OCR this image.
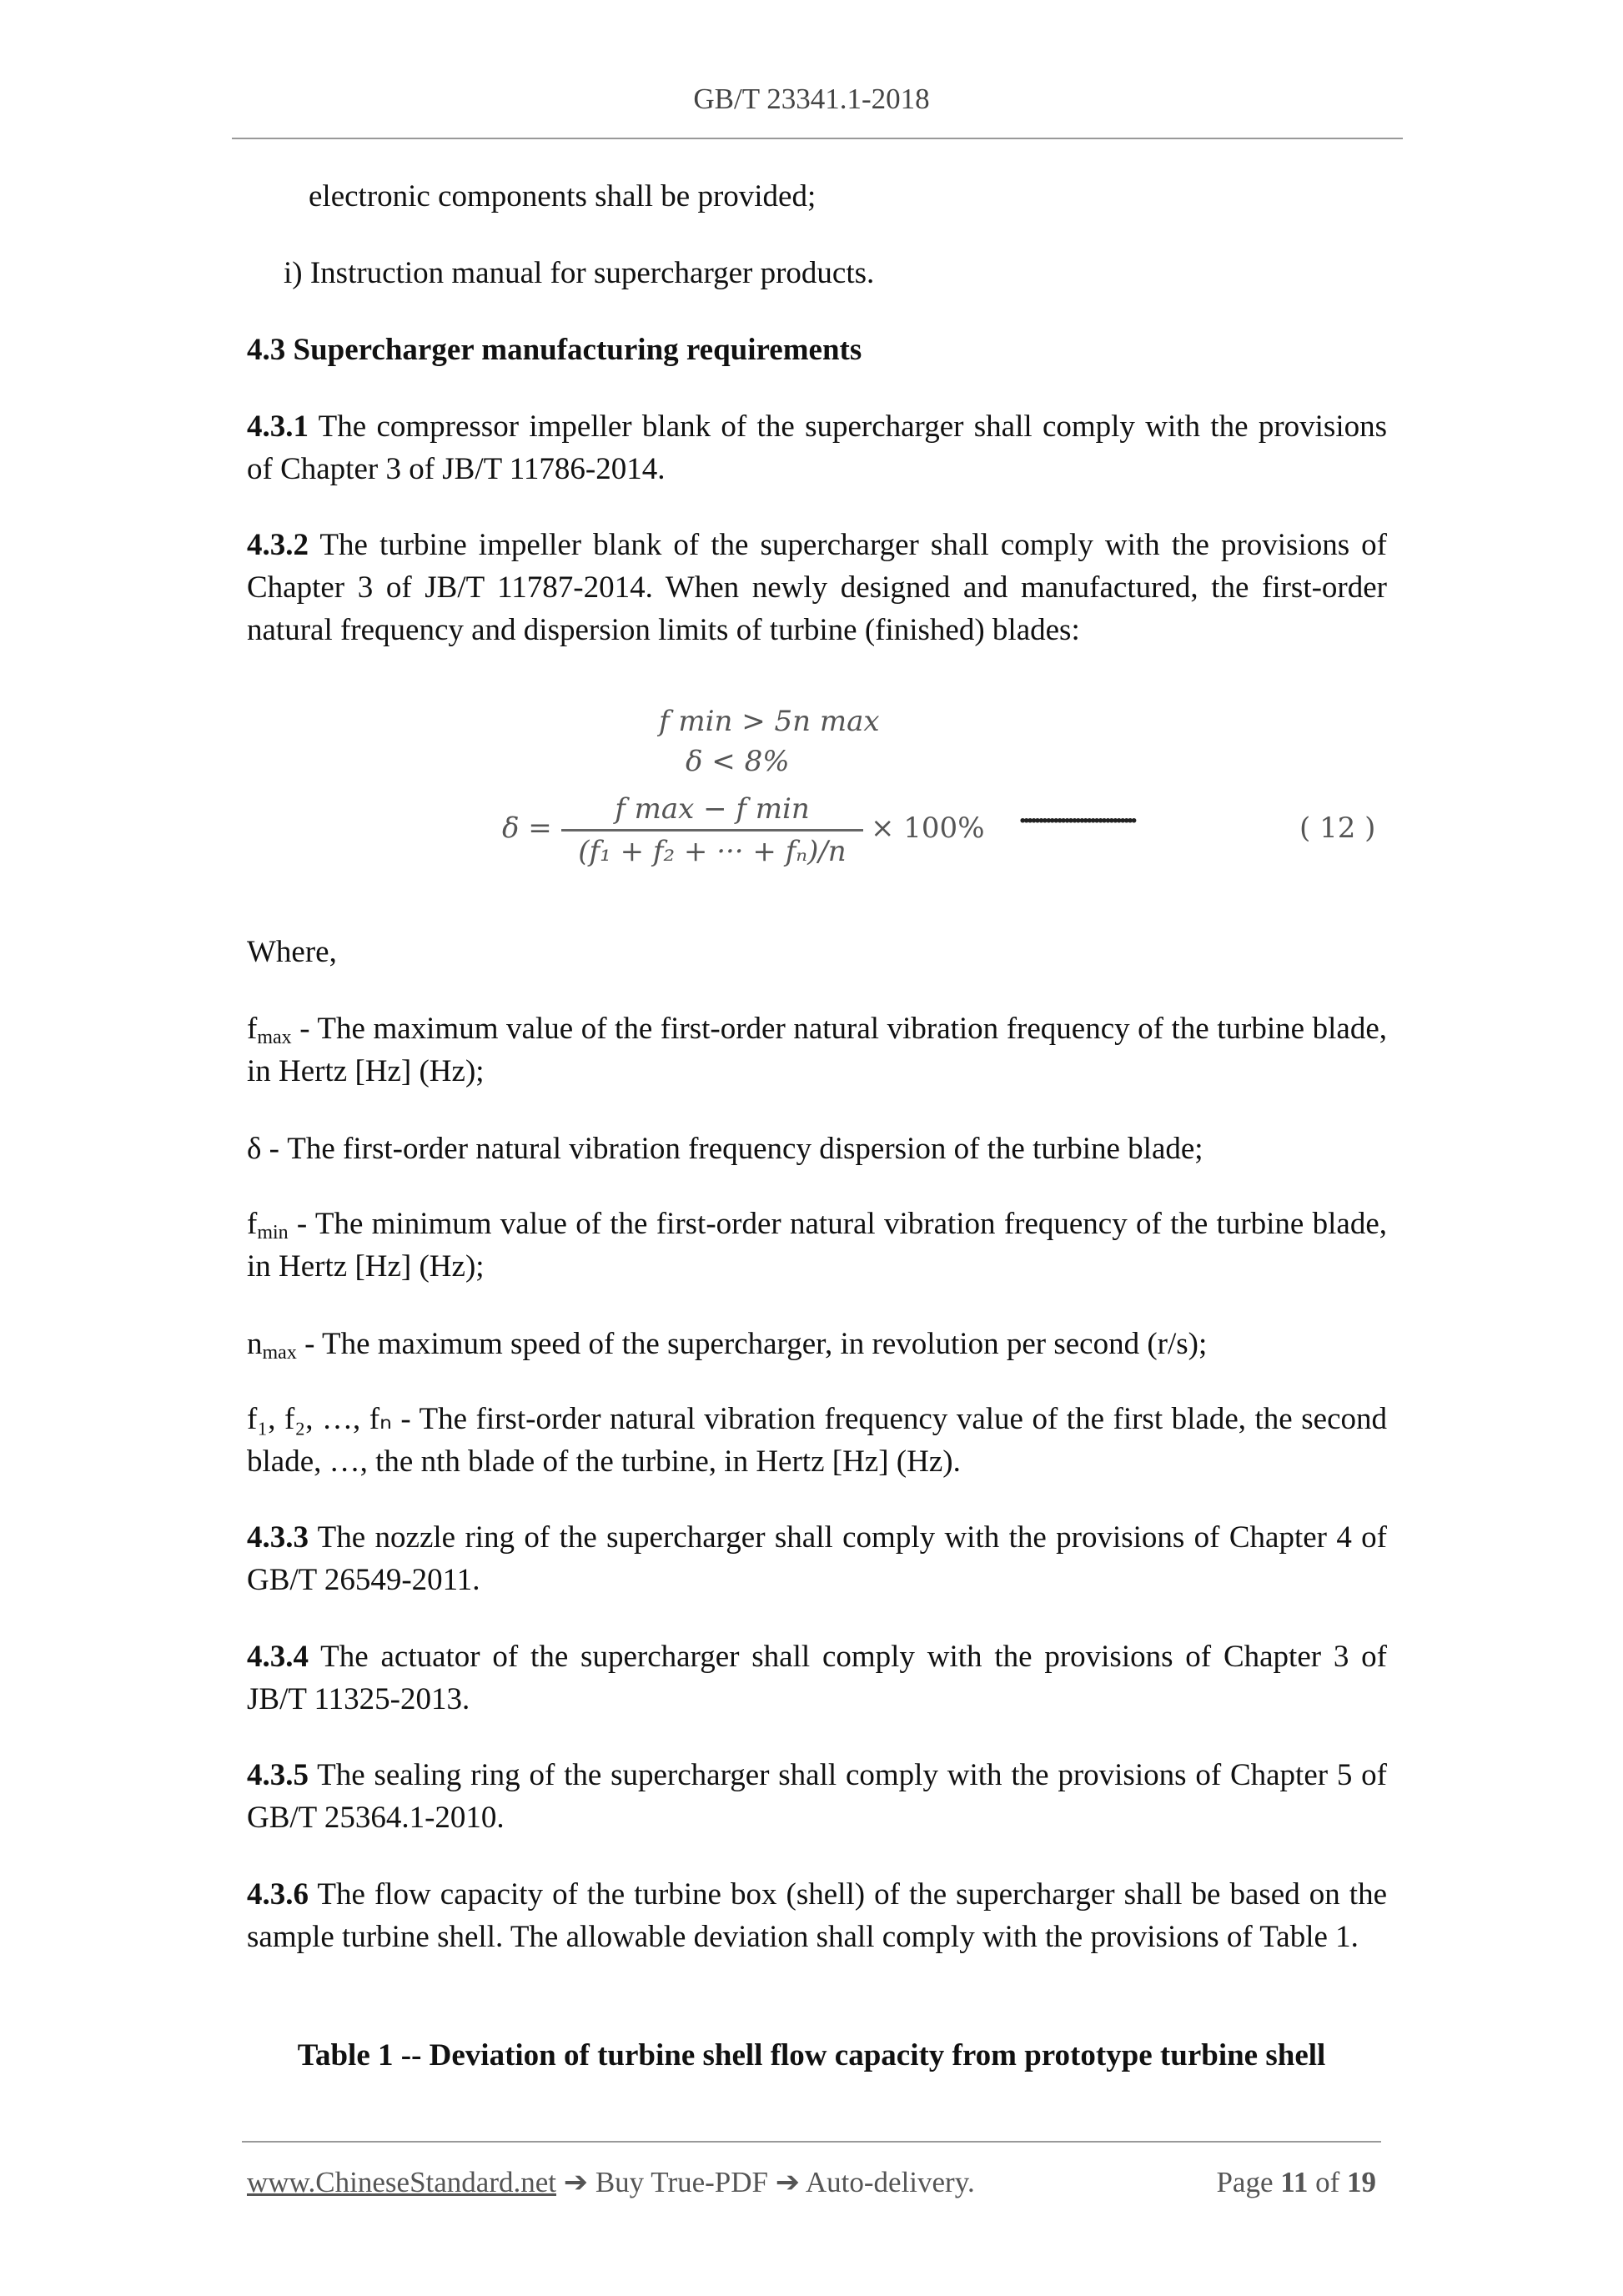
GB/T 23341.1-2018
electronic components shall be provided;
i) Instruction manual for supercharger products.
4.3 Supercharger manufacturing requirements
4.3.1 The compressor impeller blank of the supercharger shall comply with the provisions of Chapter 3 of JB/T 11786-2014.
4.3.2 The turbine impeller blank of the supercharger shall comply with the provisions of Chapter 3 of JB/T 11787-2014. When newly designed and manufactured, the first-order natural frequency and dispersion limits of turbine (finished) blades:
f min > 5n max
δ < 8%
δ =
f max − f min
(f₁ + f₂ + ··· + fₙ)/n
× 100% ·······························	( 12 )
Where,
$f_{max}$ - The maximum value of the first-order natural vibration frequency of the turbine blade, in Hertz [Hz] (Hz);
δ - The first-order natural vibration frequency dispersion of the turbine blade;
$f_{min}$ - The minimum value of the first-order natural vibration frequency of the turbine blade, in Hertz [Hz] (Hz);
$n_{max}$ - The maximum speed of the supercharger, in revolution per second (r/s);
f₁, f₂, …, fₙ - The first-order natural vibration frequency value of the first blade, the second blade, …, the nth blade of the turbine, in Hertz [Hz] (Hz).
4.3.3 The nozzle ring of the supercharger shall comply with the provisions of Chapter 4 of GB/T 26549-2011.
4.3.4 The actuator of the supercharger shall comply with the provisions of Chapter 3 of JB/T 11325-2013.
4.3.5 The sealing ring of the supercharger shall comply with the provisions of Chapter 5 of GB/T 25364.1-2010.
4.3.6 The flow capacity of the turbine box (shell) of the supercharger shall be based on the sample turbine shell. The allowable deviation shall comply with the provisions of Table 1.
Table 1 -- Deviation of turbine shell flow capacity from prototype turbine shell
www.ChineseStandard.net ➔ Buy True-PDF ➔ Auto-delivery.	Page 11 of 19
